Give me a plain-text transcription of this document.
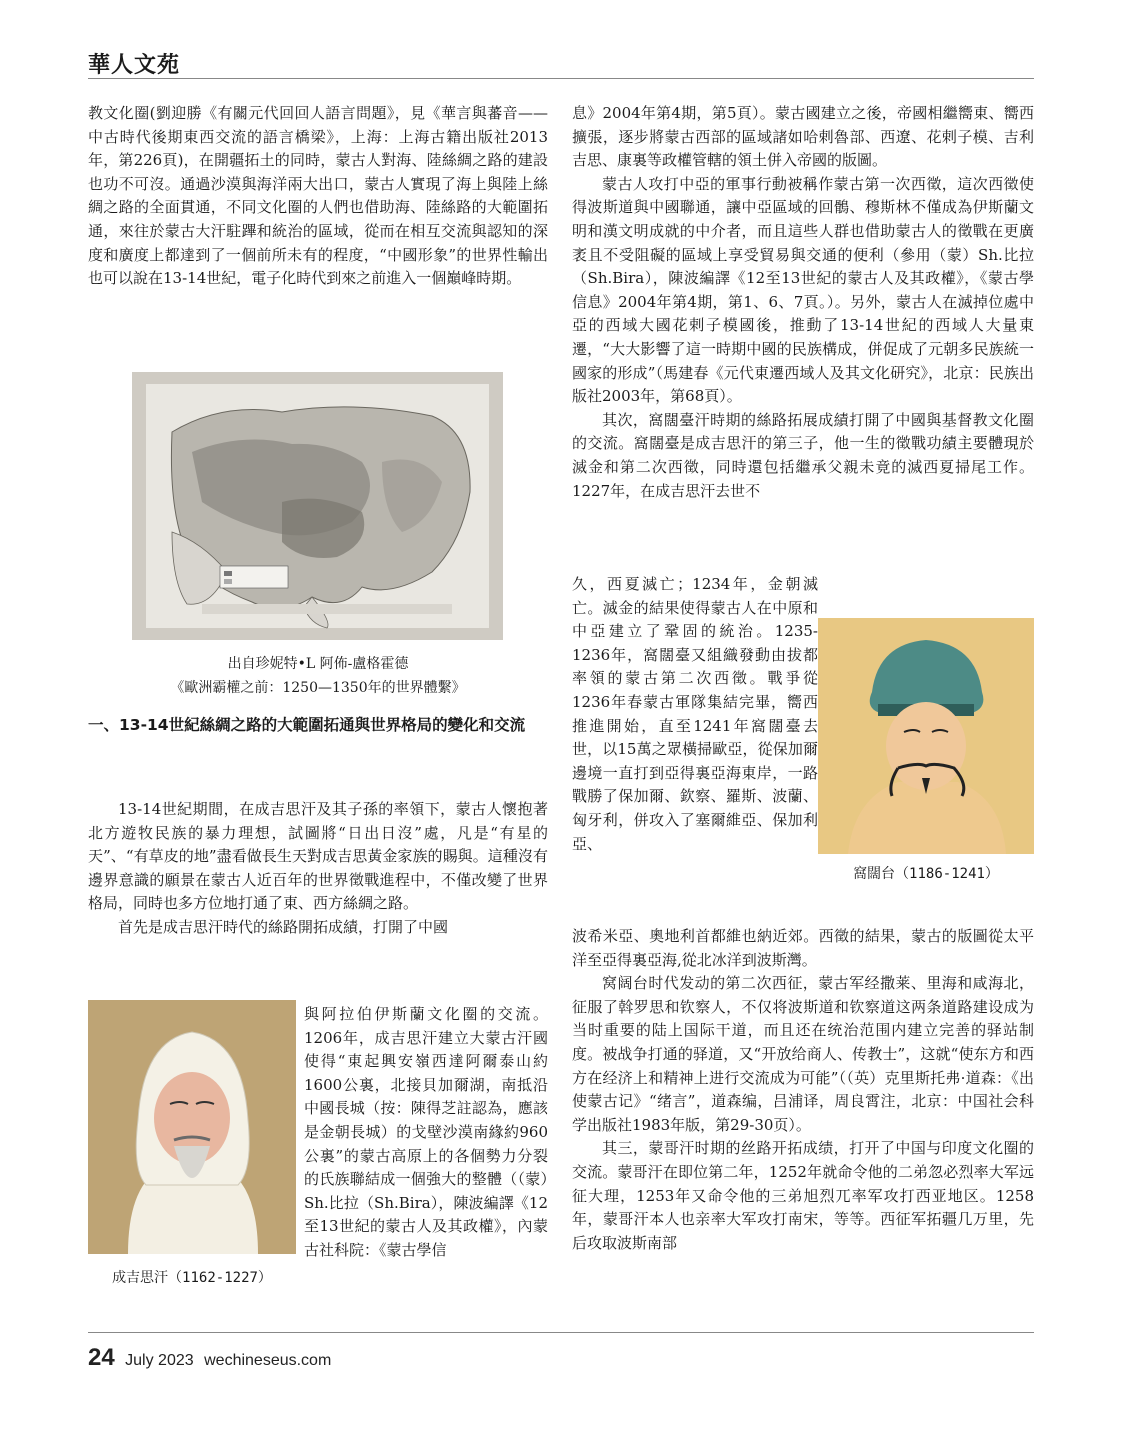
華人文苑

教文化圈(劉迎勝《有關元代回回人語言問題》，見《華言與蕃音——中古時代後期東西交流的語言橋梁》，上海：上海古籍出版社2013年，第226頁)，在開疆拓土的同時，蒙古人對海、陸絲綢之路的建設也功不可沒。通過沙漠與海洋兩大出口，蒙古人實現了海上與陸上絲綢之路的全面貫通，不同文化圈的人們也借助海、陸絲路的大範圍拓通，來往於蒙古大汗駐蹕和統治的區域，從而在相互交流與認知的深度和廣度上都達到了一個前所未有的程度，“中國形象”的世界性輸出也可以說在13-14世紀，電子化時代到來之前進入一個巔峰時期。

出自珍妮特•L 阿佈-盧格霍德
《歐洲霸權之前：1250—1350年的世界體繫》
一、13-14世紀絲綢之路的大範圍拓通與世界格局的變化和交流

13-14世紀期間，在成吉思汗及其子孫的率領下，蒙古人懷抱著北方遊牧民族的暴力理想，試圖將“日出日沒”處，凡是“有星的天”、“有草皮的地”盡看做長生天對成吉思黃金家族的賜與。這種沒有邊界意識的願景在蒙古人近百年的世界徵戰進程中，不僅改變了世界格局，同時也多方位地打通了東、西方絲綢之路。

首先是成吉思汗時代的絲路開拓成績，打開了中國

成吉思汗（1162-1227）
與阿拉伯伊斯蘭文化圈的交流。1206年，成吉思汗建立大蒙古汗國使得“東起興安嶺西達阿爾泰山約1600公裏，北接貝加爾湖，南抵沿中國長城（按：陳得芝註認為，應該是金朝長城）的戈壁沙漠南緣約960公裏”的蒙古高原上的各個勢力分裂的氏族聯結成一個強大的整體（（蒙）Sh.比拉（Sh.Bira），陳波編譯《12至13世紀的蒙古人及其政權》，內蒙古社科院：《蒙古學信

息》2004年第4期，第5頁）。蒙古國建立之後，帝國相繼嚮東、嚮西擴張，逐步將蒙古西部的區域諸如哈剌魯部、西遼、花剌子模、吉利吉思、康裏等政權管轄的領土併入帝國的版圖。

蒙古人攻打中亞的軍事行動被稱作蒙古第一次西徵，這次西徵使得波斯道與中國聯通，讓中亞區域的回鶻、穆斯林不僅成為伊斯蘭文明和漢文明成就的中介者，而且這些人群也借助蒙古人的徵戰在更廣袤且不受阻礙的區域上享受貿易與交通的便利（參用（蒙）Sh.比拉（Sh.Bira），陳波編譯《12至13世紀的蒙古人及其政權》，《蒙古學信息》2004年第4期，第1、6、7頁。）。另外，蒙古人在滅掉位處中亞的西域大國花剌子模國後，推動了13-14世紀的西域人大量東遷，“大大影響了這一時期中國的民族構成，併促成了元朝多民族統一國家的形成”（馬建春《元代東遷西域人及其文化研究》，北京：民族出版社2003年，第68頁）。

其次，窩闊臺汗時期的絲路拓展成績打開了中國與基督教文化圈的交流。窩闊臺是成吉思汗的第三子，他一生的徵戰功績主要體現於滅金和第二次西徵，同時還包括繼承父親未竟的滅西夏掃尾工作。1227年，在成吉思汗去世不

久，西夏滅亡；1234年，金朝滅亡。滅金的結果使得蒙古人在中原和中亞建立了鞏固的統治。1235-1236年，窩闊臺又組織發動由拔都率領的蒙古第二次西徵。戰爭從1236年春蒙古軍隊集結完畢，嚮西推進開始，直至1241年窩闊臺去世，以15萬之眾橫掃歐亞，從保加爾邊境一直打到亞得裏亞海東岸，一路戰勝了保加爾、欽察、羅斯、波蘭、匈牙利，併攻入了塞爾維亞、保加利亞、
窩闊台（1186-1241）

波希米亞、奧地利首都維也納近郊。西徵的結果，蒙古的版圖從太平洋至亞得裏亞海,從北冰洋到波斯灣。

窝阔台时代发动的第二次西征，蒙古军经撒莱、里海和咸海北，征服了斡罗思和钦察人，不仅将波斯道和钦察道这两条道路建设成为当时重要的陆上国际干道，而且还在统治范围内建立完善的驿站制度。被战争打通的驿道，又“开放给商人、传教士”，这就“使东方和西方在经济上和精神上进行交流成为可能”（（英）克里斯托弗·道森：《出使蒙古记》“绪言”，道森编，吕浦译，周良霄注，北京：中国社会科学出版社1983年版，第29-30页）。

其三，蒙哥汗时期的丝路开拓成绩，打开了中国与印度文化圈的交流。蒙哥汗在即位第二年，1252年就命令他的二弟忽必烈率大军远征大理，1253年又命令他的三弟旭烈兀率军攻打西亚地区。1258年，蒙哥汗本人也亲率大军攻打南宋，等等。西征军拓疆几万里，先后攻取波斯南部

24 July 2023 wechineseus.com
